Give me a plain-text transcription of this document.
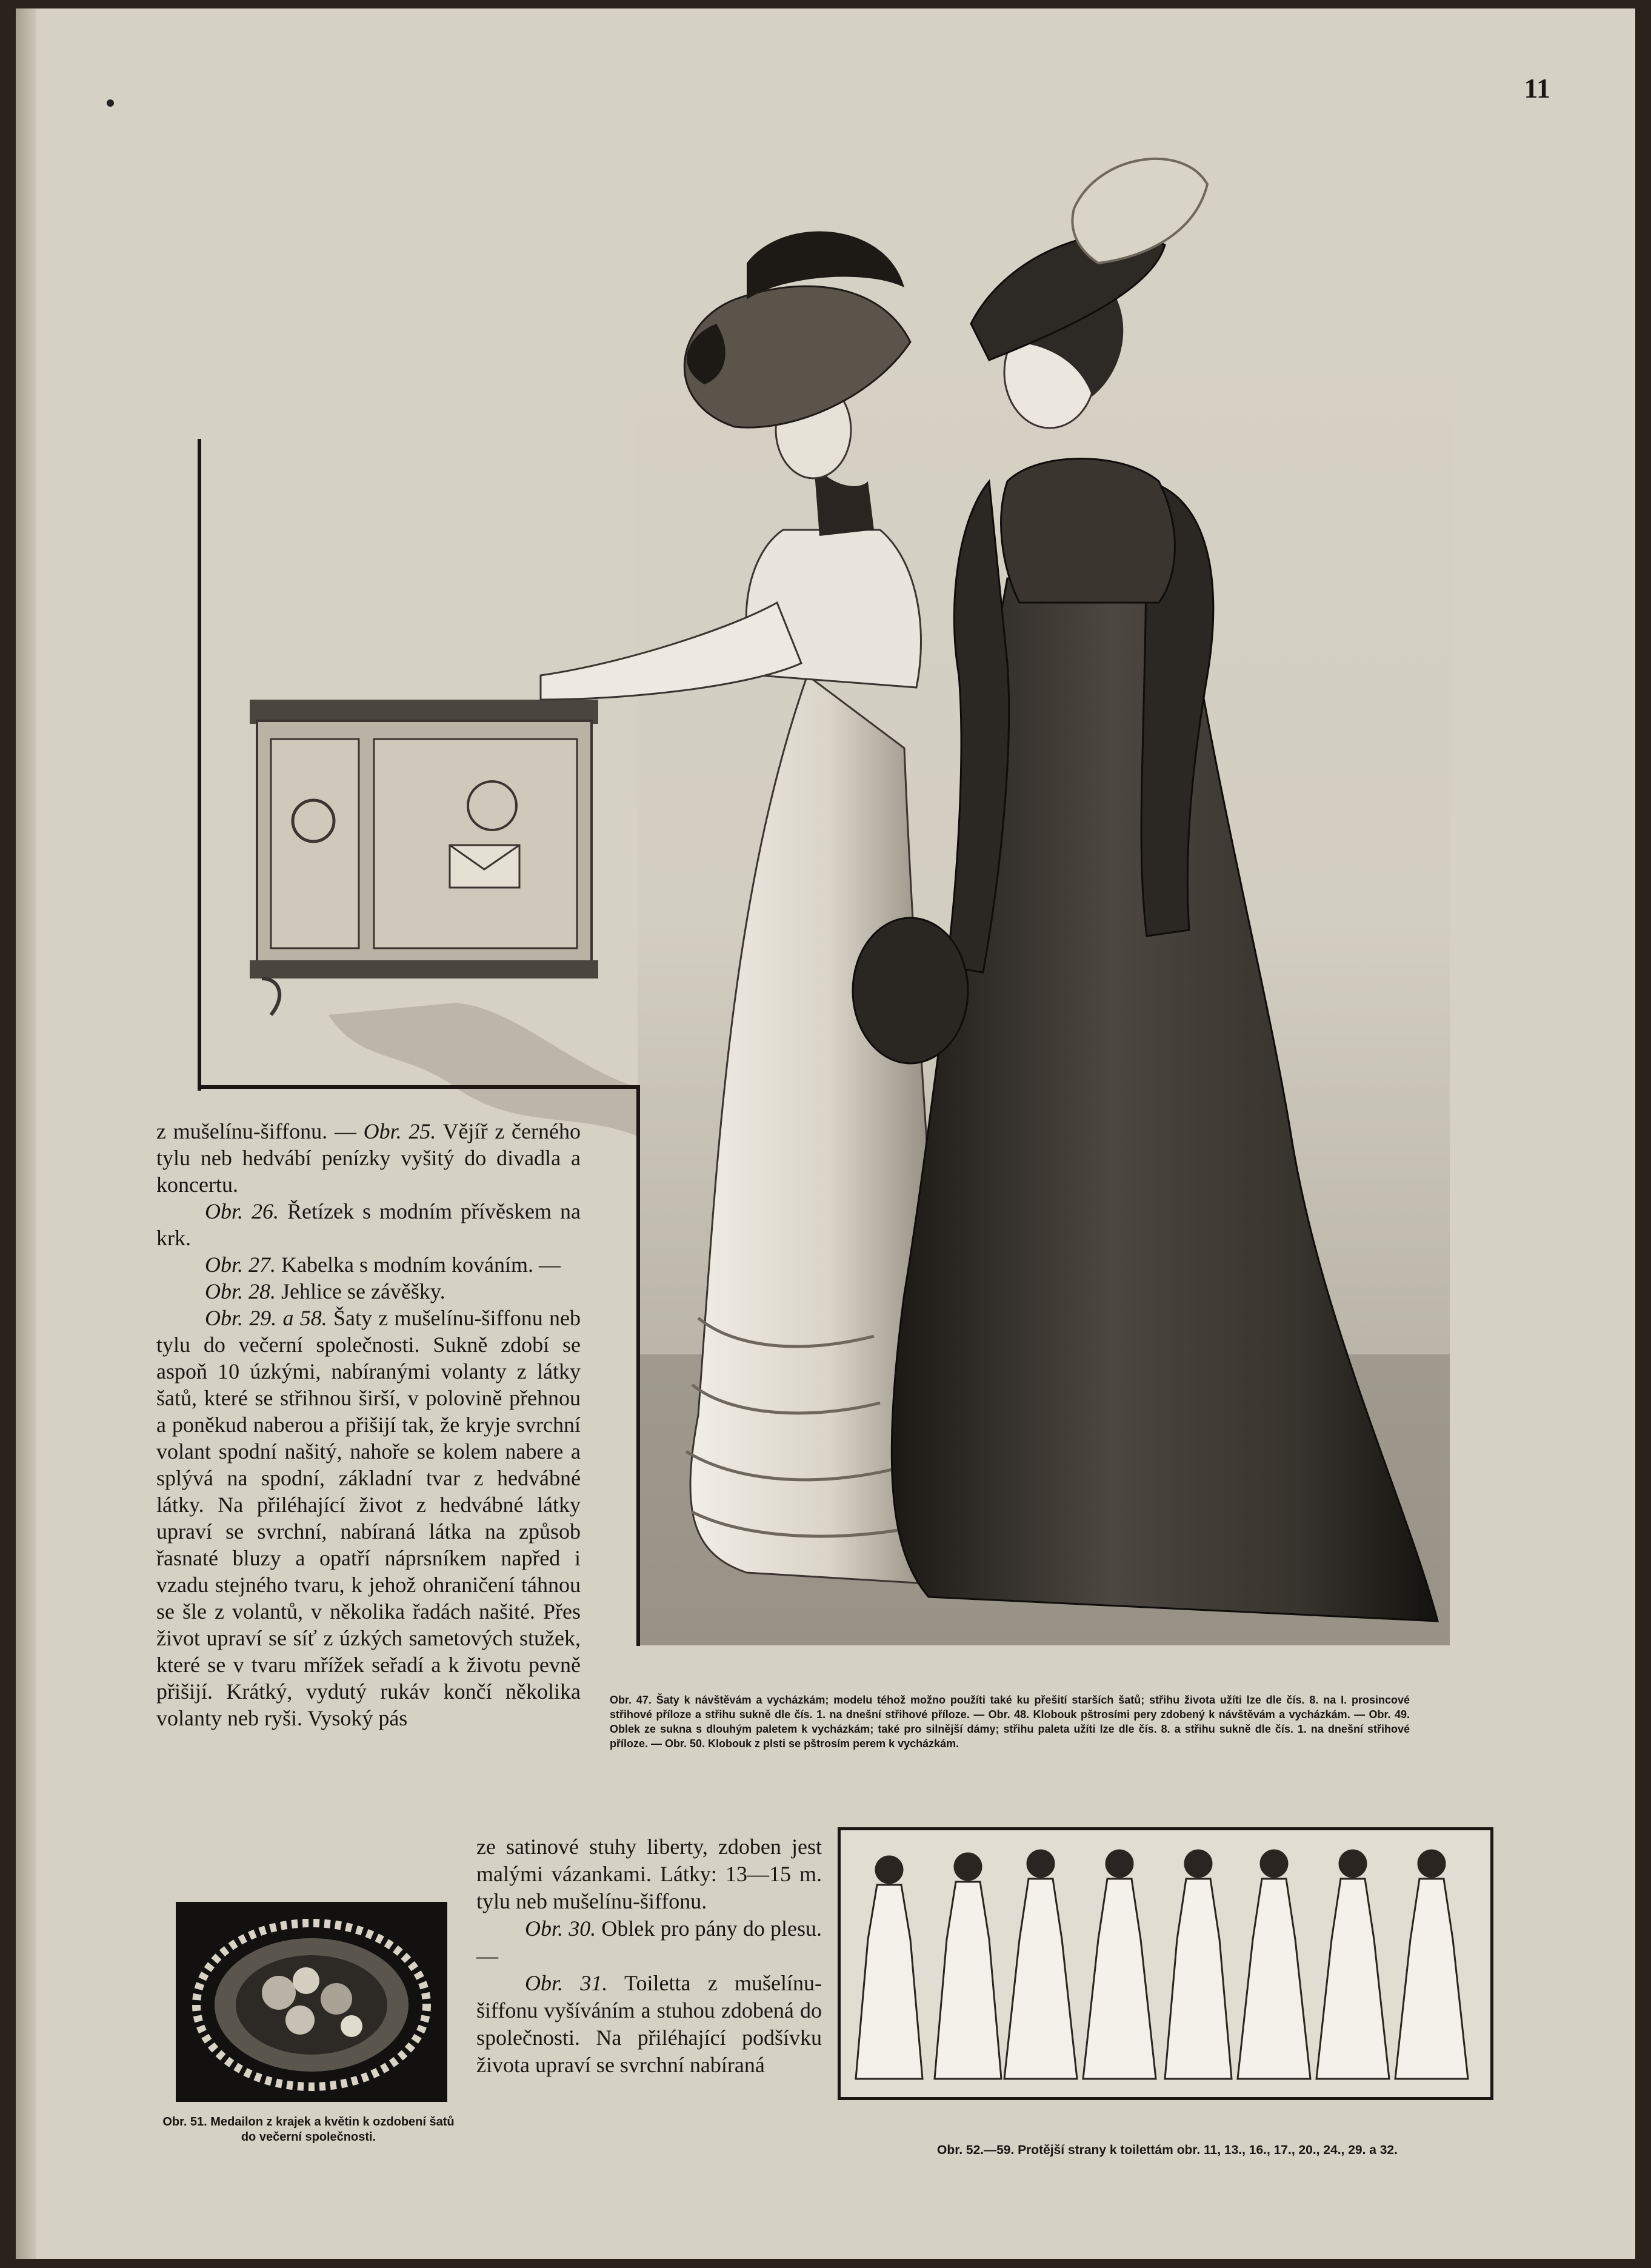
11

z mušelínu-šiffonu. — Obr. 25. Vějíř z černého tylu neb hedvábí penízky vyšitý do divadla a koncertu.

Obr. 26. Řetízek s modním přívěskem na krk.

Obr. 27. Kabelka s modním kováním. —

Obr. 28. Jehlice se závěšky.

Obr. 29. a 58. Šaty z mušelínu-šiffonu neb tylu do večerní společnosti. Sukně zdobí se aspoň 10 úzkými, nabíranými volanty z látky šatů, které se střihnou širší, v polovině přehnou a poněkud naberou a přišijí tak, že kryje svrchní volant spodní našitý, nahoře se kolem nabere a splývá na spodní, základní tvar z hedvábné látky. Na přiléhající život z hedvábné látky upraví se svrchní, nabíraná látka na způsob řasnaté bluzy a opatří náprsníkem napřed i vzadu stejného tvaru, k jehož ohraničení táhnou se šle z volantů, v několika řadách našité. Přes život upraví se síť z úzkých sametových stužek, které se v tvaru mřížek seřadí a k životu pevně přišijí. Krátký, vydutý rukáv končí několika volanty neb ryši. Vysoký pás

Obr. 47. Šaty k návštěvám a vycházkám; modelu téhož možno použíti také ku přešití starších šatů; střihu života užíti lze dle čís. 8. na I. prosincové střihové příloze a střihu sukně dle čís. 1. na dnešní střihové příloze. — Obr. 48. Klobouk pštrosími pery zdobený k návštěvám a vycházkám. — Obr. 49. Oblek ze sukna s dlouhým paletem k vycházkám; také pro silnější dámy; střihu paleta užíti lze dle čís. 8. a střihu sukně dle čís. 1. na dnešní střihové příloze. — Obr. 50. Klobouk z plsti se pštrosím perem k vycházkám.

ze satinové stuhy liberty, zdoben jest malými vázankami. Látky: 13—15 m. tylu neb mušelínu-šiffonu.

Obr. 30. Oblek pro pány do plesu. —

Obr. 31. Toiletta z mušelínu-šiffonu vyšíváním a stuhou zdobená do společnosti. Na přiléhající podšívku života upraví se svrchní nabíraná

Obr. 51. Medailon z krajek a květin k ozdobení šatů do večerní společnosti.
Obr. 52.—59. Protější strany k toilettám obr. 11, 13., 16., 17., 20., 24., 29. a 32.
